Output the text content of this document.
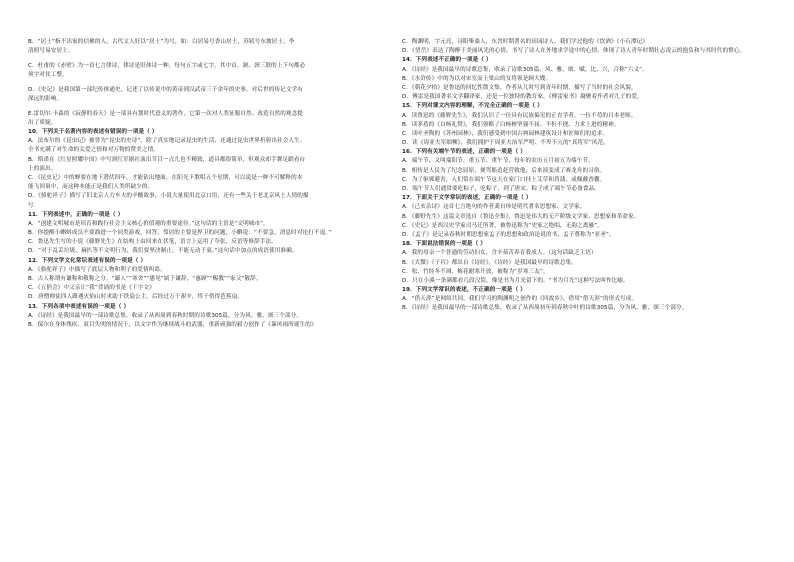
B．“居士”指不出家的信佛的人，古代文人好以“居士”为号，如：白居易号香山居士，苏轼号东坡居士，李
清照号易安居士。
C．杜甫的《赤壁》为一首七言律诗，律诗是旧体诗一种，每句五字或七字，其中首、颔、颈三联的上下句都必
须字对仗工整。
D．《史记》是我国第一部纪传体通史，记述了以传说中的黄帝到汉武帝三千余年的史事，对后世的传记文学有
深远的影响。
E.雷切尔·卡森的《寂静的春天》是一部具有划时代意义的著作，它第一次对人类征服自然、改造自然的观念提
出了质疑。
10．下列关于名著内容的表述有错误的一项是（ ）
A．法布尔的《昆虫记》被誉为“昆虫的史诗”，除了真实地记录昆虫的生活，还通过昆虫世界折射出社会人生。
全书充满了对生命的关爱之情和对万物的赞美之情。
B．斯诺在《红星照耀中国》中写到红军剧社演出节目一点儿也不精致，道具都很简单，但观众却手舞足蹈看台
上的演出。
C．《昆虫记》中的蝉要在地下潜伏四年，才能钻出地面，在阳光下歌唱五个星期，可以说是一种不可解释的本
能飞回巢中，而这种本能正是我们人类所缺少的。
D．《骆驼祥子》描写了旧北京人力车夫的辛酸故事，小说大量使用北京口语，还有一些关于老北京风土人情的描
写
11．下列表述中，正确的一项是（ ）
A．“创建文明城市是培育和践行社会主义核心价值观的重要途径。”这句话的主语是“文明城市”。
B．你提醒小蝌蚪成员不要溜进一个同类游戏，回答。邻居的主要是捍卫的问题，小蝌说：“不要急，消息时对论打不退。”
C．鲁迅先生写的小说《藤野先生》在结构上由回来在伏笔，语言上运用了夸张、反语等修辞手法。
D．“对于乱丢垃圾、摘扒等不文明行为，我们要坚决制止，不能无动于衷。”这句话中加点的成语使用准确。
12．下列文学文化常识表述有误的一项是（ ）
A．《骆驼祥子》中描写了底层人物和利子的爱情纠葛。
B．古人称谓有谦称和敬称之分。“鄙人”“寒舍”“愚见”属于谦辞，“惠顾”“赐教”“家父”敬辞。
C．《五猖会》中父亲让“我”背诵的书是《千字文》
D．唐僧师徒四人路遇火焰山时求助于铁扇公主，后经过万千艰辛，终于借得芭蕉扇。
13．下列各项中表述有误的一项是（ ）
A．《诗经》是我国最早的一部诗歌总集，收录了从西周到春秋时期的诗歌305篇，分为风、雅、颂三个部分。
B．保尔在身体残疾、双目失明的情况下，以文字作为继续战斗的武器，重新顽强的毅力创作了《暴风雨所诞生的》
C．陶渊明，字元亮，浔阳柴桑人，东晋时期著名的田园诗人。我们学过他的《饮酒》《小石潭记》
D．《望岳》表达了陶醉于美丽风光的心情，书写了诗人在外地求学途中的心情。体现了诗人青年时期壮志凌云的抱负和与其时代的愤心。
14．下列表述不正确的一项是（ ）
A．《诗经》是我国最早的诗歌总集，收录了诗歌305篇，风、雅、颂、赋、比、兴，合称“六义”。
B．《水浒传》中的为以对宋室而上梁山的女将领是顾大嫂。
C．《朝花夕拾》是鲁迅的回忆性散文集，作者从儿时写到青年时期，描写了当时的社会风貌。
D．傅雷是我国著名文学翻译家，还是一位独特的教育家，《傅雷家书》凝聚着作者对儿子的爱。
15．下列对课文内容的理解，不完全正确的一项是（ ）
A．读鲁迅的《藤野先生》，我们认识了一位具有民族偏见的正直学者，一位不苟的日本老师。
B．读茅盾的《白杨礼赞》，我们领略了白杨树坚强不屈、不折不挠、力求上进的精神。
C．读叶圣陶的《苏州园林》，我们感受到中国古典园林建筑设计和匠师们的追求。
D．读《周亚夫军细柳》，我们拥护于周亚夫治军严明、不卑不亢的“真将军”风范。
16．下列有关端午节的表述，正确的一项是（ ）
A．端午节，又叫端阳节、重五节、重午节，每年的农历五月初五为端午节。
B．相传是人民为了纪念屈原，便驾船追赶营救他，后来演变成了赛龙舟的习俗。
C．为了驱邪避害，人们常在端午节这天在家门口挂上艾草和菖蒲，或佩戴香囊。
D．端午节人们通常要吃粽子，吃粽子，到了唐宋，粽子成了端午节必备食品。
17．下面关于文学常识的表述，正确的一项是（ ）
A．《己亥杂诗》这首七言绝句的作者龚自珍是明代著名思想家、文学家。
B．《藤野先生》这篇文章选自《鲁迅全集》，鲁迅是伟大的无产阶级文学家、思想家和革命家。
C．《史记》是西汉史学家司马迁所著，被鲁迅称为“史家之绝唱，无韵之离骚”。
D．《孟子》是记录春秋时期思想家孟子的思想和政治论说的书，孟子尊称为“亚圣”。
18．下面说法错误的一项是（ ）
A．我的母亲一个普通的劳动妇女，含辛茹苦养育我成人。（这句话缺乏主语）
B．《式微》《子衿》都出自《诗经》，《诗经》是我国最早的诗歌总集。
C．松、竹经冬不凋，梅花耐寒开放，被称为“岁寒三友”。
D．只在小溪一条满都看几段汉筒，像是书为月光留下的。“书为月光”这种写法叫作比喻。
19．下列文学常识的表述，不正确的一项是（ ）
A．“借天涯”是网络共同，我们学习的陶渊明之创作的《回故乡》，借用“借天涯”的形式写成。
B．《诗经》是我国最早的一部诗歌总集，收录了从西周初年到春秋中叶的诗歌305篇，分为风、雅、颂三个部分。
